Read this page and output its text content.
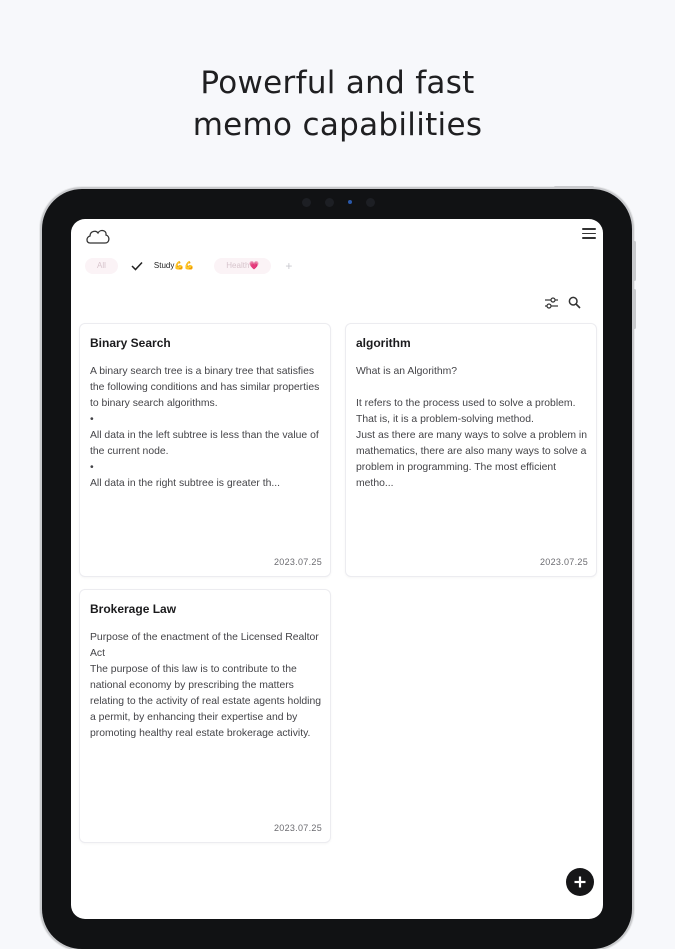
Powerful and fast
memo capabilities
All	Study💪💪	Health💗	+
Binary Search
A binary search tree is a binary tree that satisfies the following conditions and has similar properties to binary search algorithms.
•
All data in the left subtree is less than the value of the current node.
•
All data in the right subtree is greater th...
2023.07.25
algorithm
What is an Algorithm?

It refers to the process used to solve a problem. That is, it is a problem-solving method.
Just as there are many ways to solve a problem in mathematics, there are also many ways to solve a problem in programming. The most efficient metho...
2023.07.25
Brokerage Law
Purpose of the enactment of the Licensed Realtor Act
The purpose of this law is to contribute to the national economy by prescribing the matters relating to the activity of real estate agents holding a permit, by enhancing their expertise and by promoting healthy real estate brokerage activity.
2023.07.25
